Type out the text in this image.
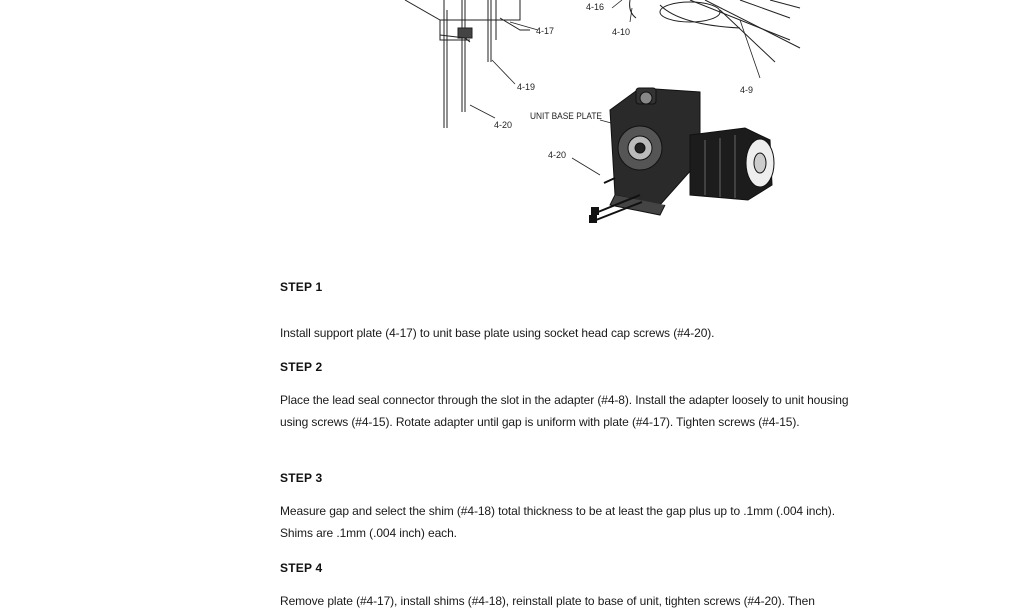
4-16
4-10
4-17
4-19
4-20
4-9
UNIT BASE PLATE
4-20
STEP 1
Install support plate (4-17) to unit base plate using socket head cap screws (#4-20).
STEP 2
Place the lead seal connector through the slot in the adapter (#4-8). Install the adapter loosely to unit housing using screws (#4-15). Rotate adapter until gap is uniform with plate (#4-17). Tighten screws (#4-15).
STEP 3
Measure gap and select the shim (#4-18) total thickness to be at least the gap plus up to .1mm (.004 inch). Shims are .1mm (.004 inch) each.
STEP 4
Remove plate (#4-17), install shims (#4-18), reinstall plate to base of unit, tighten screws (#4-20). Then
